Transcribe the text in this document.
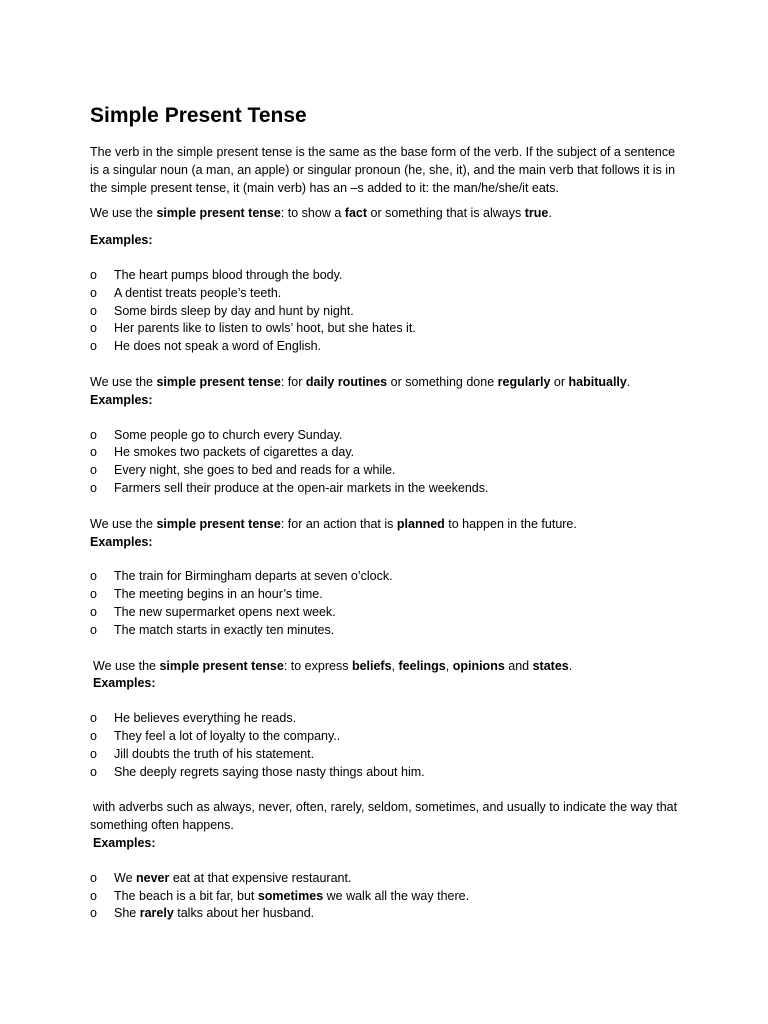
Simple Present Tense

The verb in the simple present tense is the same as the base form of the verb. If the subject of a sentence is a singular noun (a man, an apple) or singular pronoun (he, she, it), and the main verb that follows it is in the simple present tense, it (main verb) has an –s added to it: the man/he/she/it eats.

We use the simple present tense: to show a fact or something that is always true.

Examples:

o	The heart pumps blood through the body.
o	A dentist treats people’s teeth.
o	Some birds sleep by day and hunt by night.
o	Her parents like to listen to owls’ hoot, but she hates it.
o	He does not speak a word of English.

We use the simple present tense: for daily routines or something done regularly or habitually.

Examples:

o	Some people go to church every Sunday.
o	He smokes two packets of cigarettes a day.
o	Every night, she goes to bed and reads for a while.
o	Farmers sell their produce at the open-air markets in the weekends.

We use the simple present tense: for an action that is planned to happen in the future.

Examples:

o	The train for Birmingham departs at seven o’clock.
o	The meeting begins in an hour’s time.
o	The new supermarket opens next week.
o	The match starts in exactly ten minutes.

We use the simple present tense: to express beliefs, feelings, opinions and states.

Examples:

o	He believes everything he reads.
o	They feel a lot of loyalty to the company..
o	Jill doubts the truth of his statement.
o	She deeply regrets saying those nasty things about him.

with adverbs such as always, never, often, rarely, seldom, sometimes, and usually to indicate the way that something often happens.

Examples:

o	We never eat at that expensive restaurant.
o	The beach is a bit far, but sometimes we walk all the way there.
o	She rarely talks about her husband.
